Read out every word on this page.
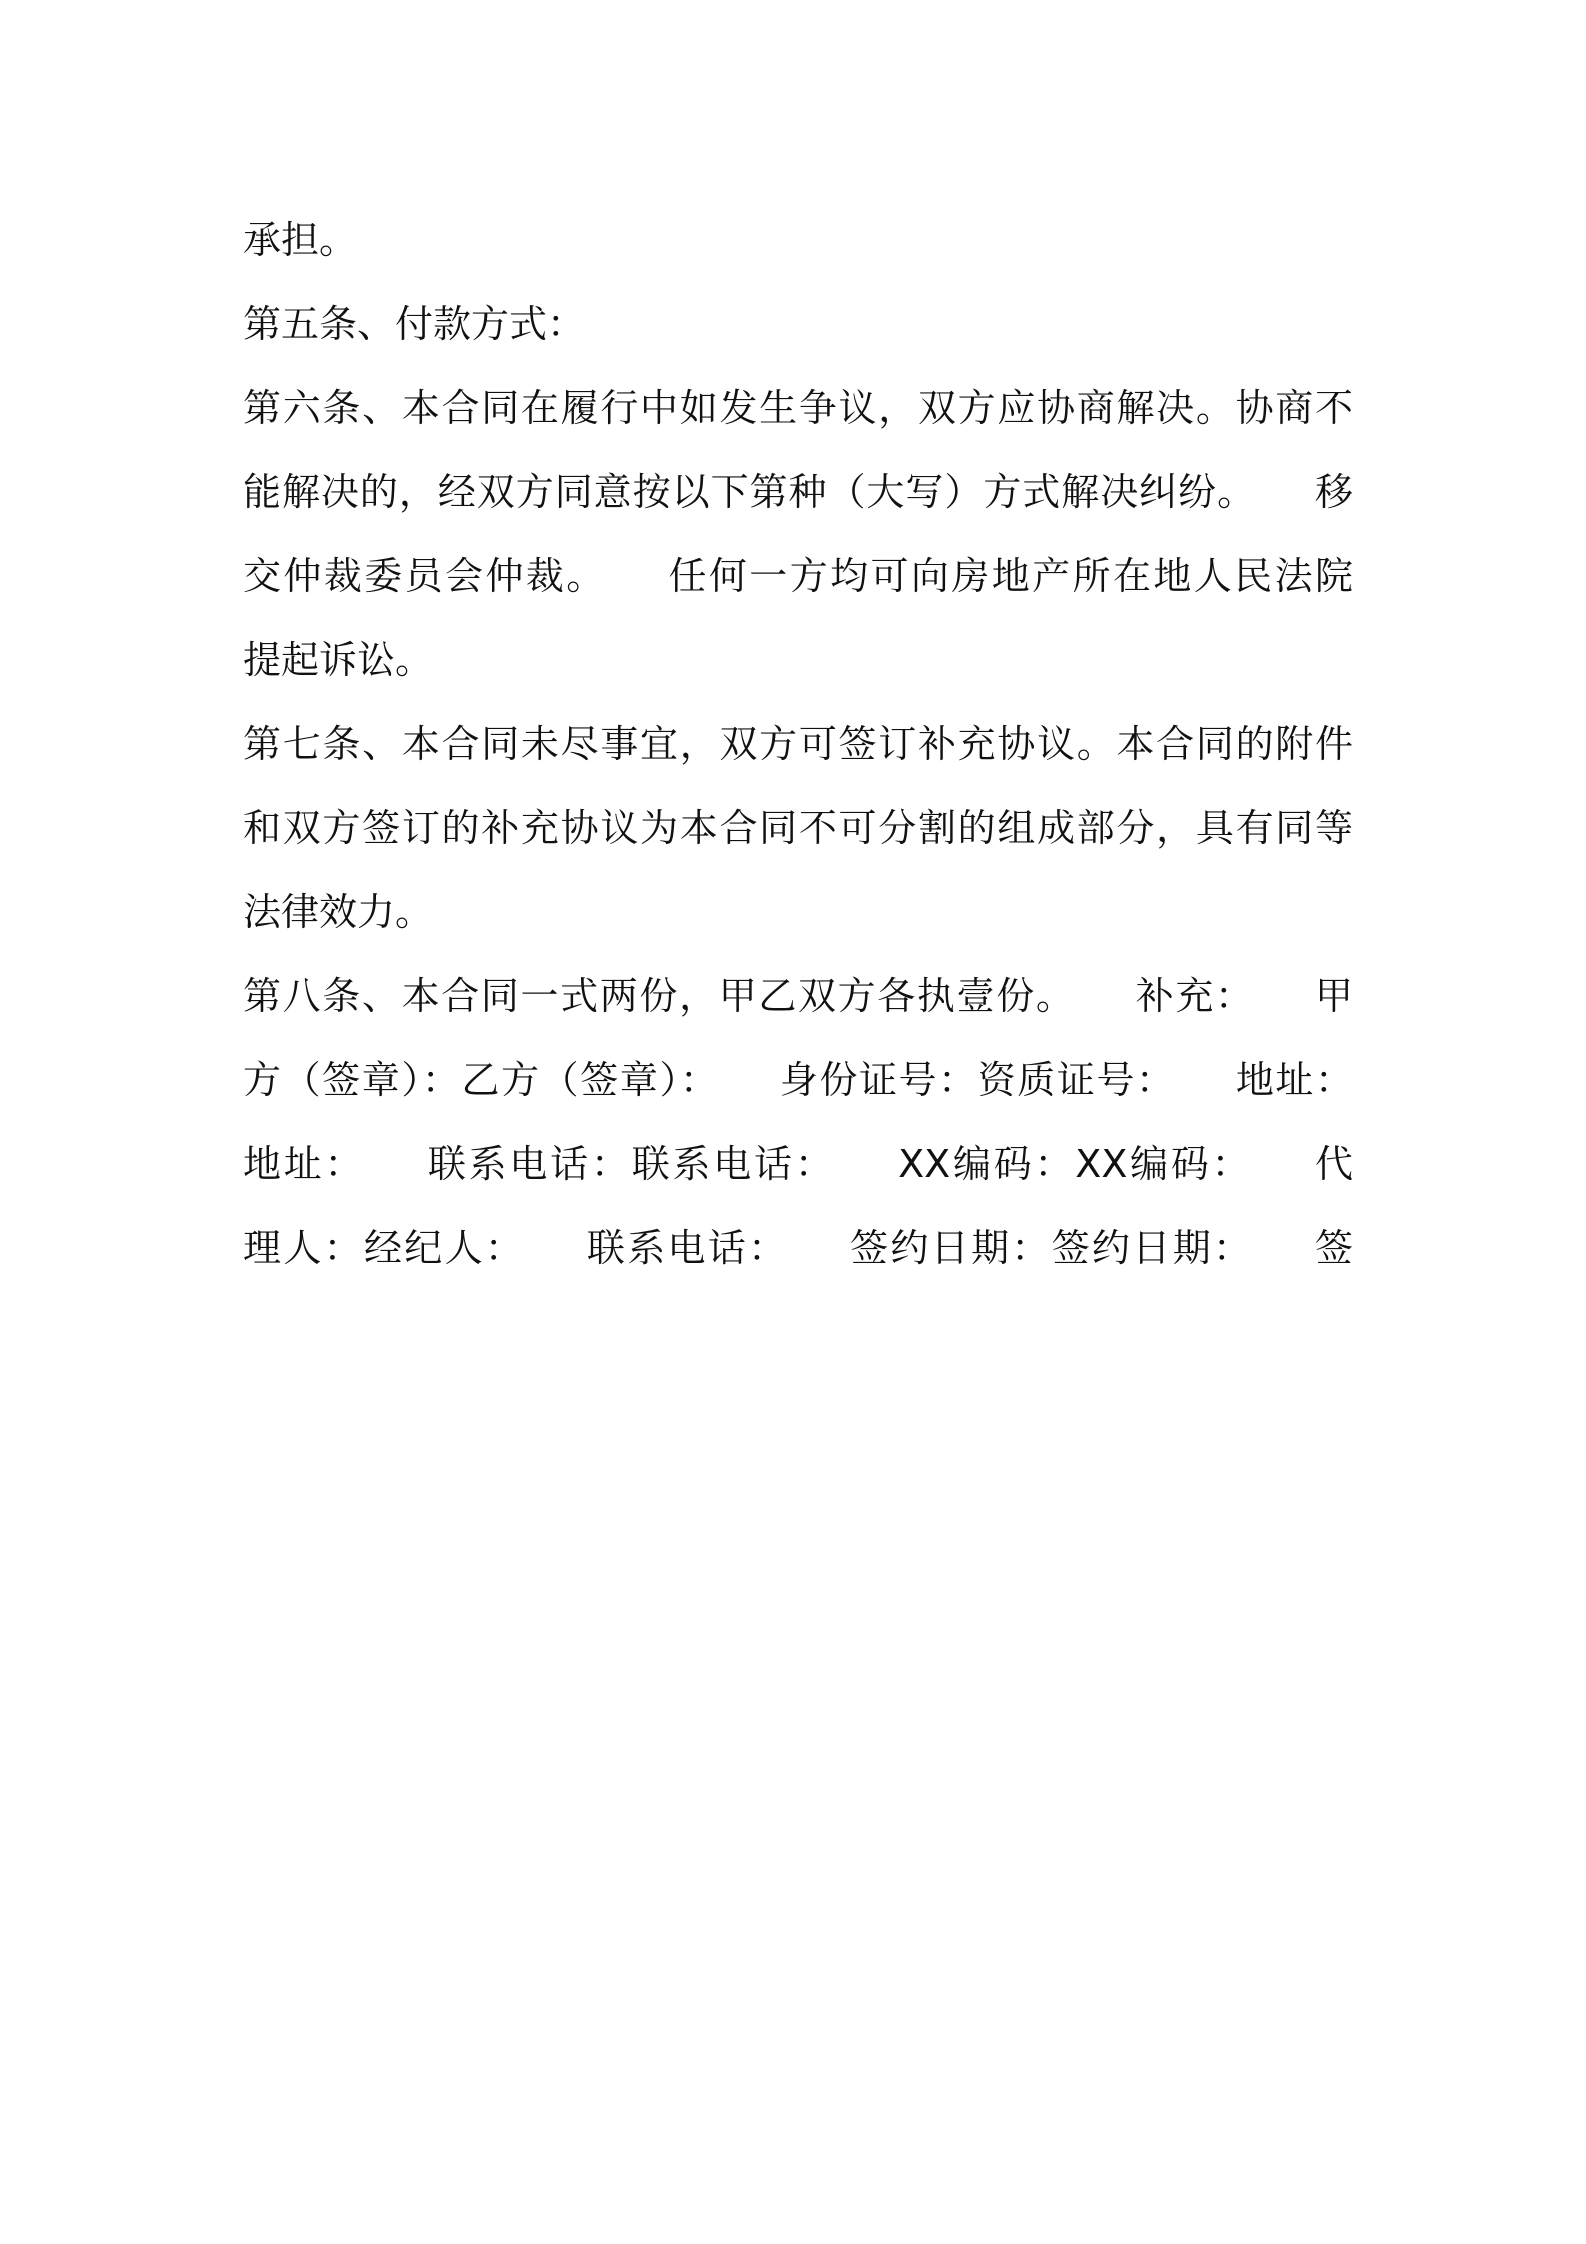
承担。
第五条、付款方式：
第六条、本合同在履行中如发生争议，双方应协商解决。协商不
能解决的，经双方同意按以下第种（大写）方式解决纠纷。　　移
交仲裁委员会仲裁。　　任何一方均可向房地产所在地人民法院
提起诉讼。
第七条、本合同未尽事宜，双方可签订补充协议。本合同的附件
和双方签订的补充协议为本合同不可分割的组成部分，具有同等
法律效力。
第八条、本合同一式两份，甲乙双方各执壹份。　　补充：　　甲
方（签章）：乙方（签章）：　　身份证号：资质证号：　　地址：
地址：　　联系电话：联系电话：　　XX编码：XX编码：　　代
理人：经纪人：　　联系电话：　　签约日期：签约日期：　　签
